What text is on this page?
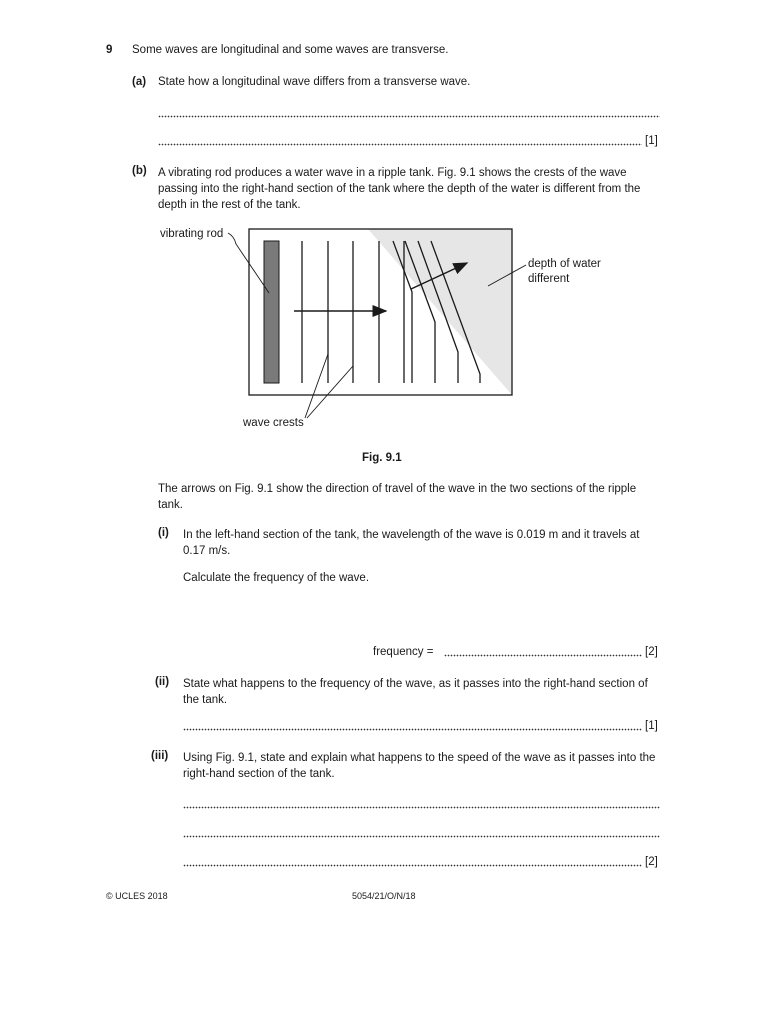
9 Some waves are longitudinal and some waves are transverse.
(a) State how a longitudinal wave differs from a transverse wave.
[1]
(b) A vibrating rod produces a water wave in a ripple tank. Fig. 9.1 shows the crests of the wave passing into the right-hand section of the tank where the depth of the water is different from the depth in the rest of the tank.
vibrating rod
depth of water
different
wave crests
Fig. 9.1
The arrows on Fig. 9.1 show the direction of travel of the wave in the two sections of the ripple tank.
(i) In the left-hand section of the tank, the wavelength of the wave is 0.019 m and it travels at 0.17 m/s.
Calculate the frequency of the wave.
frequency =	[2]
(ii) State what happens to the frequency of the wave, as it passes into the right-hand section of the tank.
[1]
(iii) Using Fig. 9.1, state and explain what happens to the speed of the wave as it passes into the right-hand section of the tank.
[2]
© UCLES 2018	5054/21/O/N/18
